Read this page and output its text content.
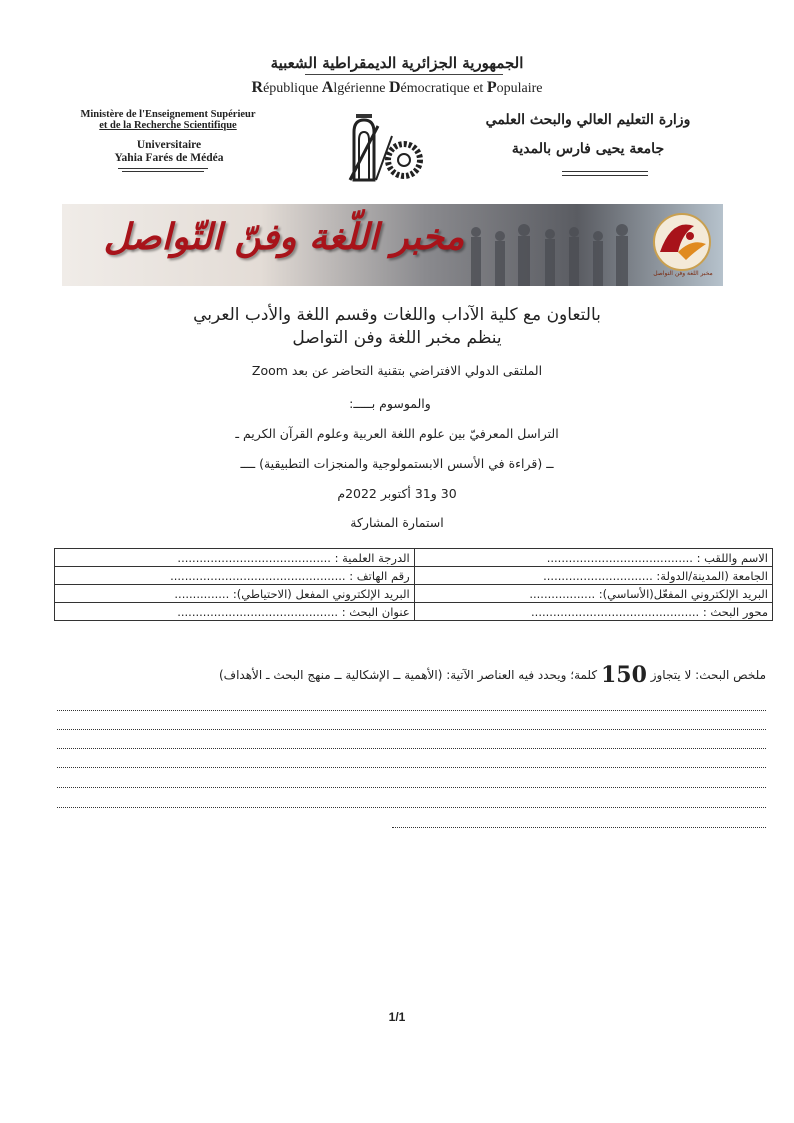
الجمهورية الجزائرية الديمقراطية الشعبية
République Algérienne Démocratique et Populaire
Ministère de l'Enseignement Supérieur
et de la Recherche Scientifique
Universitaire
Yahia Farés de Médéa
وزارة التعليم العالي والبحث العلمي
جامعة يحيى فارس بالمدية
مخبر اللّغة وفنّ التّواصل
مخبر اللغة وفن التواصل
بالتعاون مع كلية الآداب واللغات وقسم اللغة والأدب العربي
ينظم مخبر اللغة وفن التواصل
الملتقى الدولي الافتراضي بتقنية التحاضر عن بعد Zoom
والموسوم بـــــ:
التراسل المعرفيّ بين علوم اللغة العربية وعلوم القرآن الكريم ـ
ــ (قراءة في الأسس الابستمولوجية والمنجزات التطبيقية) ــــ
30 و31 أكتوبر 2022م
استمارة المشاركة
الاسم واللقب : ........................................	الدرجة العلمية : ..........................................
الجامعة (المدينة/الدولة: ..............................	رقم الهاتف : ................................................
البريد الإلكتروني المفعّل(الأساسي): ..................	البريد الإلكتروني المفعل (الاحتياطي): ...............
محور البحث : ..............................................	عنوان البحث : ............................................
ملخص البحث: لا يتجاوز 150 كلمة؛ ويحدد فيه العناصر الآتية: (الأهمية ــ الإشكالية ــ منهج البحث ـ الأهداف)
1/1
